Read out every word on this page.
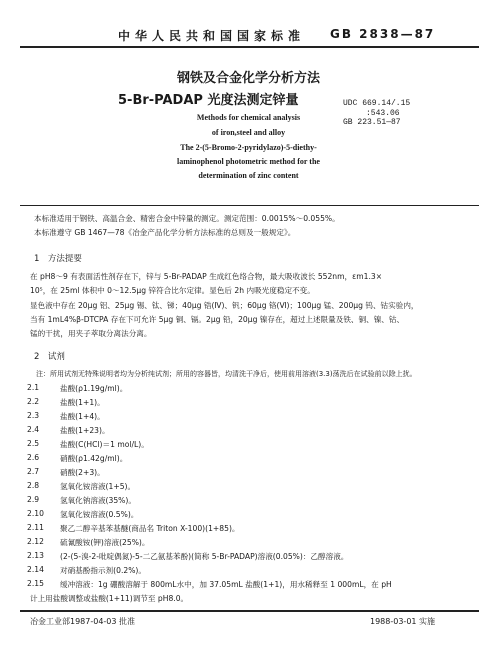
中华人民共和国国家标准 GB 2838—87
钢铁及合金化学分析方法
5-Br-PADAP 光度法测定锌量	UDC 669.14/.15
:543.06
GB 223.51—87
Methods for chemical analysis
of iron,steel and alloy
The 2-(5-Bromo-2-pyridylazo)-5-diethy-
laminophenol photometric method for the
determination of zinc content
本标准适用于钢铁、高温合金、精密合金中锌量的测定。测定范围：0.0015%～0.055%。
本标准遵守 GB 1467—78《冶金产品化学分析方法标准的总则及一般规定》。
1　方法提要
在 pH8～9 有表面活性剂存在下，锌与 5-Br-PADAP 生成红色络合物，最大吸收波长 552nm，εm1.3×
10⁵，在 25ml 体积中 0～12.5μg 锌符合比尔定律。显色后 2h 内吸光度稳定不变。
显色液中存在 20μg 铝、25μg 锡、钛、锑；40μg 锆(Ⅳ)、钒；60μg 铬(Ⅵ)；100μg 锰、200μg 钨、钴实验内，
当有 1mL4%β-DTCPA 存在下可允许 5μg 铜、镉。2μg 铅，20μg 镍存在，超过上述限量及铁、铜、镍、钴、
锰的干扰，用夹子萃取分离法分离。
2　试剂
注：所用试剂无特殊说明者均为分析纯试剂；所用的容器皆，均清洗干净后，使用前用溶液(3.3)荡洗后在试验前以除上扰。
2.1	盐酸(ρ1.19g/ml)。
2.2	盐酸(1+1)。
2.3	盐酸(1+4)。
2.4	盐酸(1+23)。
2.5	盐酸(C(HCl)＝1 mol/L)。
2.6	硝酸(ρ1.42g/ml)。
2.7	硝酸(2+3)。
2.8	氢氧化铵溶液(1+5)。
2.9	氢氧化钠溶液(35%)。
2.10	氢氧化铵溶液(0.5%)。
2.11	聚乙二醇辛基苯基醚(商品名 Triton X-100)(1+85)。
2.12	硫氰酸铵(钾)溶液(25%)。
2.13	(2-(5-溴-2-吡啶偶氮)-5-二乙氨基苯酚)(简称 5-Br-PADAP)溶液(0.05%)：乙醇溶液。
2.14	对硝基酚指示剂(0.2%)。
2.15	缓冲溶液：1g 硼酸溶解于 800mL水中，加 37.05mL 盐酸(1+1)，用水稀释至 1 000mL，在 pH
计上用盐酸调整或盐酸(1+11)调节至 pH8.0。
冶金工业部1987-04-03 批准	1988-03-01 实施
